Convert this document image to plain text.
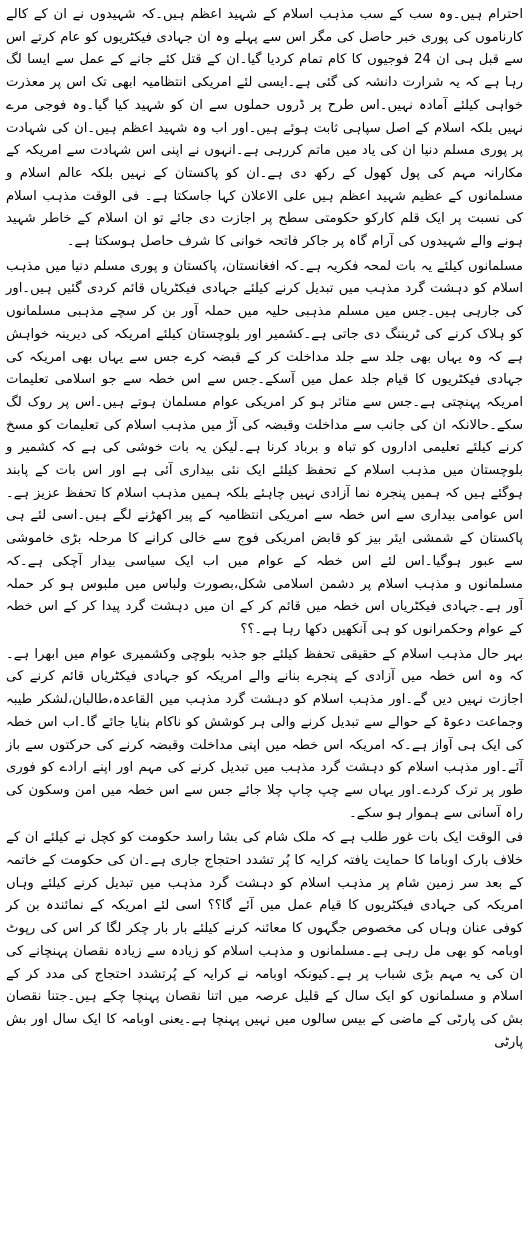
احترام ہیں۔وہ سب کے سب مذہب اسلام کے شہید اعظم ہیں۔کہ شہیدوں نے ان کے کالے کارناموں کی پوری خبر حاصل کی مگر اس سے پہلے وہ ان جہادی فیکٹریوں کو عام کرتے اس سے قبل ہی ان 24 فوجیوں کا کام تمام کردیا گیا۔ان کے قتل کئے جانے کے عمل سے ایسا لگ رہا ہے کہ یہ شرارت دانشہ کی گئی ہے۔ایسی لئے امریکی انتظامیہ ابھی تک اس پر معذرت خواہی کیلئے آمادہ نہیں۔اس طرح پر ڈروں حملوں سے ان کو شہید کیا گیا۔وہ فوجی مرے نہیں بلکہ اسلام کے اصل سپاہی ثابت ہوئے ہیں۔اور اب وہ شہید اعظم ہیں۔ان کی شہادت پر پوری مسلم دنیا ان کی یاد میں ماتم کررہی ہے۔انہوں نے اپنی اس شہادت سے امریکہ کے مکارانہ مہم کی پول کھول کے رکھ دی ہے۔ان کو پاکستان کے نہیں بلکہ عالم اسلام و مسلمانوں کے عظیم شہید اعظم ہیں علی الاعلان کہا جاسکتا ہے۔ فی الوقت مذہب اسلام کی نسبت پر ایک قلم کارکو حکومتی سطح پر اجازت دی جائے تو ان اسلام کے خاطر شہید ہونے والے شہیدوں کی آرام گاہ پر جاکر فاتحہ خوانی کا شرف حاصل ہوسکتا ہے۔

مسلمانوں کیلئے یہ بات لمحہ فکریہ ہے۔کہ افغانستان، پاکستان و پوری مسلم دنیا میں مذہب اسلام کو دہشت گرد مذہب میں تبدیل کرنے کیلئے جہادی فیکٹریاں قائم کردی گئیں ہیں۔اور کی جارہی ہیں۔جس میں مسلم مذہبی حلیہ میں حملہ آور بن کر سچے مذہبی مسلمانوں کو ہلاک کرنے کی ٹریننگ دی جاتی ہے۔کشمیر اور بلوچستان کیلئے امریکہ کی دیرینہ خواہش ہے کہ وہ یہاں بھی جلد سے جلد مداخلت کر کے قبضہ کرے جس سے یہاں بھی امریکہ کی جہادی فیکٹریوں کا قیام جلد عمل میں آسکے۔جس سے اس خطہ سے جو اسلامی تعلیمات امریکہ پہنچتی ہے۔جس سے متاثر ہو کر امریکی عوام مسلمان ہوتے ہیں۔اس پر روک لگ سکے۔حالانکہ ان کی جانب سے مداخلت وقبضہ کی آڑ میں مذہب اسلام کی تعلیمات کو مسخ کرنے کیلئے تعلیمی اداروں کو تباہ و برباد کرنا ہے۔لیکن یہ بات خوشی کی ہے کہ کشمیر و بلوچستان میں مذہب اسلام کے تحفظ کیلئے ایک نئی بیداری آئی ہے اور اس بات کے پابند ہوگئے ہیں کہ ہمیں پنجرہ نما آزادی نہیں چاہئے بلکہ ہمیں مذہب اسلام کا تحفظ عزیز ہے۔اس عوامی بیداری سے اس خطہ سے امریکی انتظامیہ کے پیر اکھڑنے لگے ہیں۔اسی لئے ہی پاکستان کے شمشی ایئر بیز کو قابض امریکی فوج سے خالی کرانے کا مرحلہ بڑی خاموشی سے عبور ہوگیا۔اس لئے اس خطہ کے عوام میں اب ایک سیاسی بیدار آچکی ہے۔کہ مسلمانوں و مذہب اسلام پر دشمن اسلامی شکل،بصورت ولباس میں ملبوس ہو کر حملہ آور ہے۔جہادی فیکٹریاں اس خطہ میں قائم کر کے ان میں دہشت گرد پیدا کر کے اس خطہ کے عوام وحکمرانوں کو ہی آنکھیں دکھا رہا ہے۔؟؟

بہر حال مذہب اسلام کے حقیقی تحفظ کیلئے جو جذبہ بلوچی وکشمیری عوام میں ابھرا ہے۔کہ وہ اس خطہ میں آزادی کے پنجرے بنانے والے امریکہ کو جہادی فیکٹریاں قائم کرنے کی اجازت نہیں دیں گے۔اور مذہب اسلام کو دہشت گرد مذہب میں القاعدہ،طالبان،لشکر طیبہ وجماعت دعوۃ کے حوالے سے تبدیل کرنے والی ہر کوشش کو ناکام بنایا جائے گا۔اب اس خطہ کی ایک ہی آواز ہے۔کہ امریکہ اس خطہ میں اپنی مداخلت وقبضہ کرنے کی حرکتوں سے باز آئے۔اور مذہب اسلام کو دہشت گرد مذہب میں تبدیل کرنے کی مہم اور اپنے ارادے کو فوری طور پر ترک کردے۔اور یہاں سے چپ چاپ چلا جائے جس سے اس خطہ میں امن وسکون کی راہ آسانی سے ہموار ہو سکے۔

فی الوقت ایک بات غور طلب ہے کہ ملک شام کی بشا راسد حکومت کو کچل نے کیلئے ان کے خلاف بارک اوباما کا حمایت یافتہ کرایہ کا پُر تشدد احتجاج جاری ہے۔ان کی حکومت کے خاتمہ کے بعد سر زمین شام پر مذہب اسلام کو دہشت گرد مذہب میں تبدیل کرنے کیلئے وہاں امریکہ کی جہادی فیکٹریوں کا قیام عمل میں آئے گا؟؟ اسی لئے امریکہ کے نمائندہ بن کر کوفی عنان وہاں کی مخصوص جگہوں کا معائنہ کرنے کیلئے بار بار چکر لگا کر اس کی رپوٹ اوبامہ کو بھی مل رہی ہے۔مسلمانوں و مذہب اسلام کو زیادہ سے زیادہ نقصان پہنچانے کی ان کی یہ مہم بڑی شباب پر ہے۔کیونکہ اوبامہ نے کرایہ کے پُرتشدد احتجاج کی مدد کر کے اسلام و مسلمانوں کو ایک سال کے قلیل عرصہ میں اتنا نقصان پہنچا چکے ہیں۔جتنا نقصان بش کی پارٹی کے ماضی کے بیس سالوں میں نہیں پہنچا ہے۔یعنی اوبامہ کا ایک سال اور بش پارٹی
